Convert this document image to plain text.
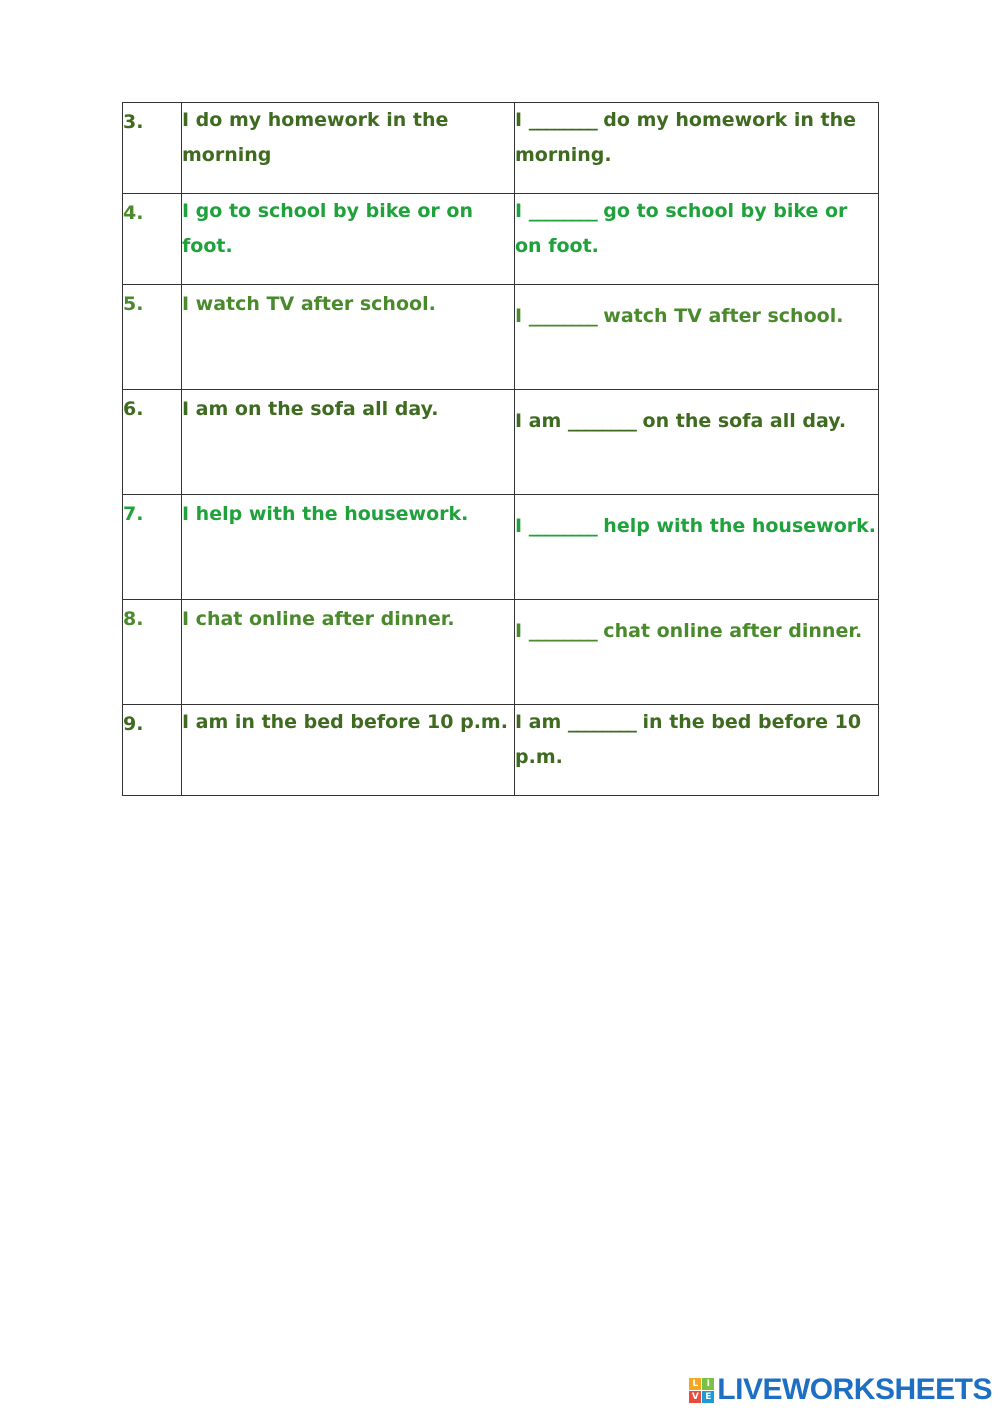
3.	I do my homework in the morning	I ________ do my homework in the morning.

4.	I go to school by bike or on foot.	I ________ go to school by bike or on foot.

5.	I watch TV after school.	I ________ watch TV after school.

6.	I am on the sofa all day.	I am ________ on the sofa all day.

7.	I help with the housework.	I ________ help with the housework.

8.	I chat online after dinner.	I ________ chat online after dinner.

9.	I am in the bed before 10 p.m.	I am ________ in the bed before 10 p.m.
L I
V E LIVEWORKSHEETS
